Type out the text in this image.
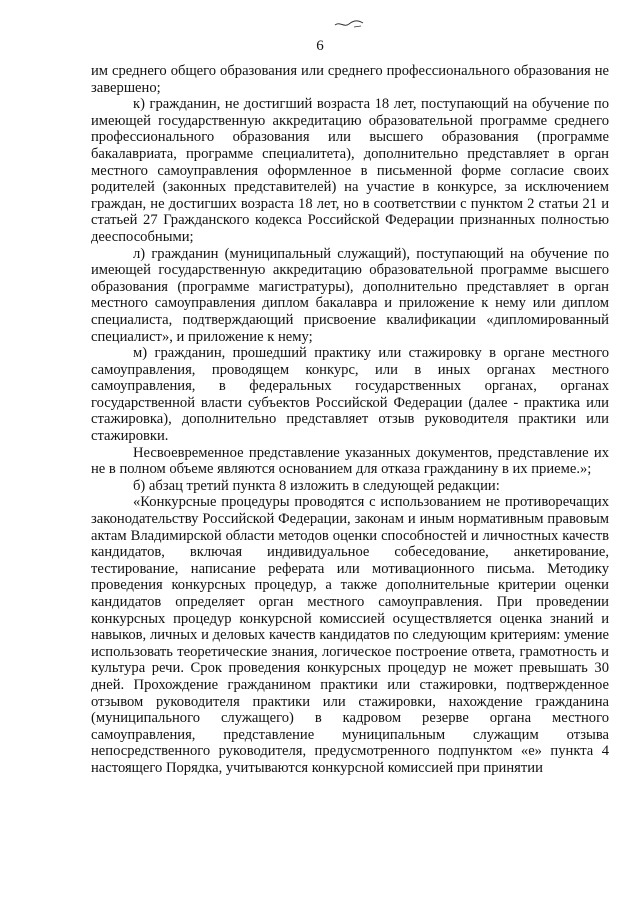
6

им среднего общего образования или среднего профессионального образования не завершено;

к) гражданин, не достигший возраста 18 лет, поступающий на обучение по имеющей государственную аккредитацию образовательной программе среднего профессионального образования или высшего образования (программе бакалавриата, программе специалитета), дополнительно представляет в орган местного самоуправления оформленное в письменной форме согласие своих родителей (законных представителей) на участие в конкурсе, за исключением граждан, не достигших возраста 18 лет, но в соответствии с пунктом 2 статьи 21 и статьей 27 Гражданского кодекса Российской Федерации признанных полностью дееспособными;

л) гражданин (муниципальный служащий), поступающий на обучение по имеющей государственную аккредитацию образовательной программе высшего образования (программе магистратуры), дополнительно представляет в орган местного самоуправления диплом бакалавра и приложение к нему или диплом специалиста, подтверждающий присвоение квалификации «дипломированный специалист», и приложение к нему;

м) гражданин, прошедший практику или стажировку в органе местного самоуправления, проводящем конкурс, или в иных органах местного самоуправления, в федеральных государственных органах, органах государственной власти субъектов Российской Федерации (далее - практика или стажировка), дополнительно представляет отзыв руководителя практики или стажировки.

Несвоевременное представление указанных документов, представление их не в полном объеме являются основанием для отказа гражданину в их приеме.»;

б) абзац третий пункта 8 изложить в следующей редакции:

«Конкурсные процедуры проводятся с использованием не противоречащих законодательству Российской Федерации, законам и иным нормативным правовым актам Владимирской области методов оценки способностей и личностных качеств кандидатов, включая индивидуальное собеседование, анкетирование, тестирование, написание реферата или мотивационного письма. Методику проведения конкурсных процедур, а также дополнительные критерии оценки кандидатов определяет орган местного самоуправления. При проведении конкурсных процедур конкурсной комиссией осуществляется оценка знаний и навыков, личных и деловых качеств кандидатов по следующим критериям: умение использовать теоретические знания, логическое построение ответа, грамотность и культура речи. Срок проведения конкурсных процедур не может превышать 30 дней. Прохождение гражданином практики или стажировки, подтвержденное отзывом руководителя практики или стажировки, нахождение гражданина (муниципального служащего) в кадровом резерве органа местного самоуправления, представление муниципальным служащим отзыва непосредственного руководителя, предусмотренного подпунктом «е» пункта 4 настоящего Порядка, учитываются конкурсной комиссией при принятии
